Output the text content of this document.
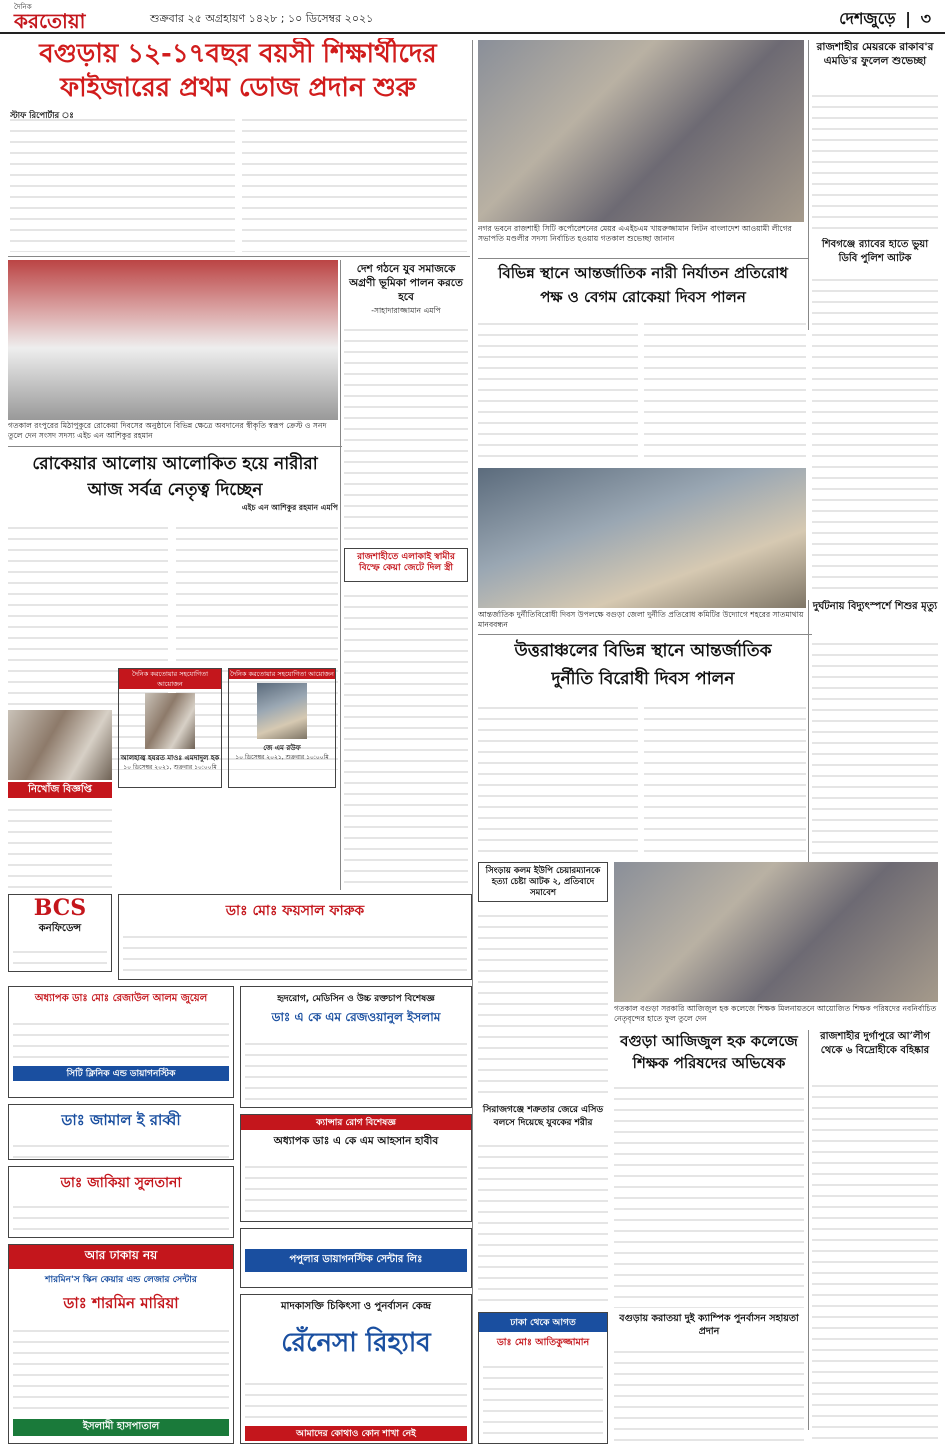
দৈনিক
করতোয়া	শুক্রবার ২৫ অগ্রহায়ণ ১৪২৮ ; ১০ ডিসেম্বর ২০২১	দেশজুড়ে | ৩
বগুড়ায় ১২-১৭বছর বয়সী শিক্ষার্থীদের
ফাইজারের প্রথম ডোজ প্রদান শুরু
স্টাফ রিপোর্টার ঃ
গতকাল রংপুরের মিঠাপুকুরে রোকেয়া দিবসের অনুষ্ঠানে বিভিন্ন ক্ষেত্রে অবদানের স্বীকৃতি স্বরূপ ক্রেস্ট ও সনদ তুলে দেন সংসদ সদস্য এইচ এন আশিকুর রহমান
দেশ গঠনে যুব সমাজকে অগ্রণী ভূমিকা পালন করতে হবে
-সাহাদারাজ্জামান এমপি
রোকেয়ার আলোয় আলোকিত হয়ে নারীরা
আজ সর্বত্র নেতৃত্ব দিচ্ছেন
এইচ এন আশিকুর রহমান এমপি
রাজশাহীতে এলাকাই স্বামীর বিস্ফে কেয়া জেটে দিল স্ত্রী
দৈনিক করতোয়ার সহযোগিতা আয়োজন
আলহাজ্ব হযরত মাওঃ এমদাদুল হক
১০ ডিসেম্বর ২০২১, শুক্রবার ১০:০০মি
দৈনিক করতোয়ার সহযোগিতা আয়োজন
জে এম রউফ
১০ ডিসেম্বর ২০২১, শুক্রবার ১০:০০মি
নিখোঁজ বিজ্ঞপ্তি
নগর ভবনে রাজশাহী সিটি কর্পোরেশনের মেয়র এএইচএম খায়রুজ্জামান লিটন বাংলাদেশ আওয়ামী লীগের সভাপতি মণ্ডলীর সদস্য নির্বাচিত হওয়ায় গতকাল শুভেচ্ছা জানান
রাজশাহীর মেয়রকে রাকাব'র এমডি'র ফুলেল শুভেচ্ছা
শিবগঞ্জে র‍্যাবের হাতে ভুয়া ডিবি পুলিশ আটক
বিভিন্ন স্থানে আন্তর্জাতিক নারী নির্যাতন প্রতিরোধ
পক্ষ ও বেগম রোকেয়া দিবস পালন
আন্তর্জাতিক দুর্নীতিবিরোধী দিবস উপলক্ষে বগুড়া জেলা দুর্নীতি প্রতিরোধ কমিটির উদ্যোগে শহরের সাতমাথায় মানববন্ধন
উত্তরাঞ্চলের বিভিন্ন স্থানে আন্তর্জাতিক
দুর্নীতি বিরোধী দিবস পালন
দুর্ঘটনায় বিদ্যুৎস্পর্শে শিশুর মৃত্যু
সিংড়ায় কলম ইউপি চেয়ারম্যানকে হত্যা চেষ্টা আটক ২, প্রতিবাদে সমাবেশ
গতকাল বগুড়া সরকারি আজিজুল হক কলেজে শিক্ষক মিলনায়তনে আয়োজিত শিক্ষক পরিষদের নবনির্বাচিত নেতৃবৃন্দের হাতে ফুল তুলে দেন
বগুড়া আজিজুল হক কলেজে
শিক্ষক পরিষদের অভিষেক
রাজশাহীর দুর্গাপুরে আ’লীগ থেকে ৬ বিদ্রোহীকে বহিষ্কার
সিরাজগঞ্জে শক্রতার জেরে এসিড বলসে দিয়েছে যুবকের শরীর
বগুড়ায় করাতয়া দুই ক্যাম্পিক পুনর্বাসন সহায়তা প্রদান
BCS
কনফিডেন্স
ডাঃ মোঃ ফয়সাল ফারুক
অধ্যাপক ডাঃ মোঃ রেজাউল আলম জুয়েল
সিটি ক্লিনিক এন্ড ডায়াগনস্টিক
হৃদরোগ, মেডিসিন ও উচ্চ রক্তচাপ বিশেষজ্ঞ
ডাঃ এ কে এম রেজওয়ানুল ইসলাম
ডাঃ জামাল ই রাব্বী
ডাঃ জাকিয়া সুলতানা
ক্যান্সার রোগ বিশেষজ্ঞ
অধ্যাপক ডাঃ এ কে এম আহসান হাবীব
আর ঢাকায় নয়
শারমিন'স স্কিন কেয়ার এন্ড লেজার সেন্টার
ডাঃ শারমিন মারিয়া
ইসলামী হাসপাতাল
পপুলার ডায়াগনস্টিক সেন্টার লিঃ
মাদকাসক্তি চিকিৎসা ও পুনর্বাসন কেন্দ্র
রেঁনেসা রিহ্যাব
আমাদের কোথাও কোন শাখা নেই
ঢাকা থেকে আগত
ডাঃ মোঃ আতিকুজ্জামান
